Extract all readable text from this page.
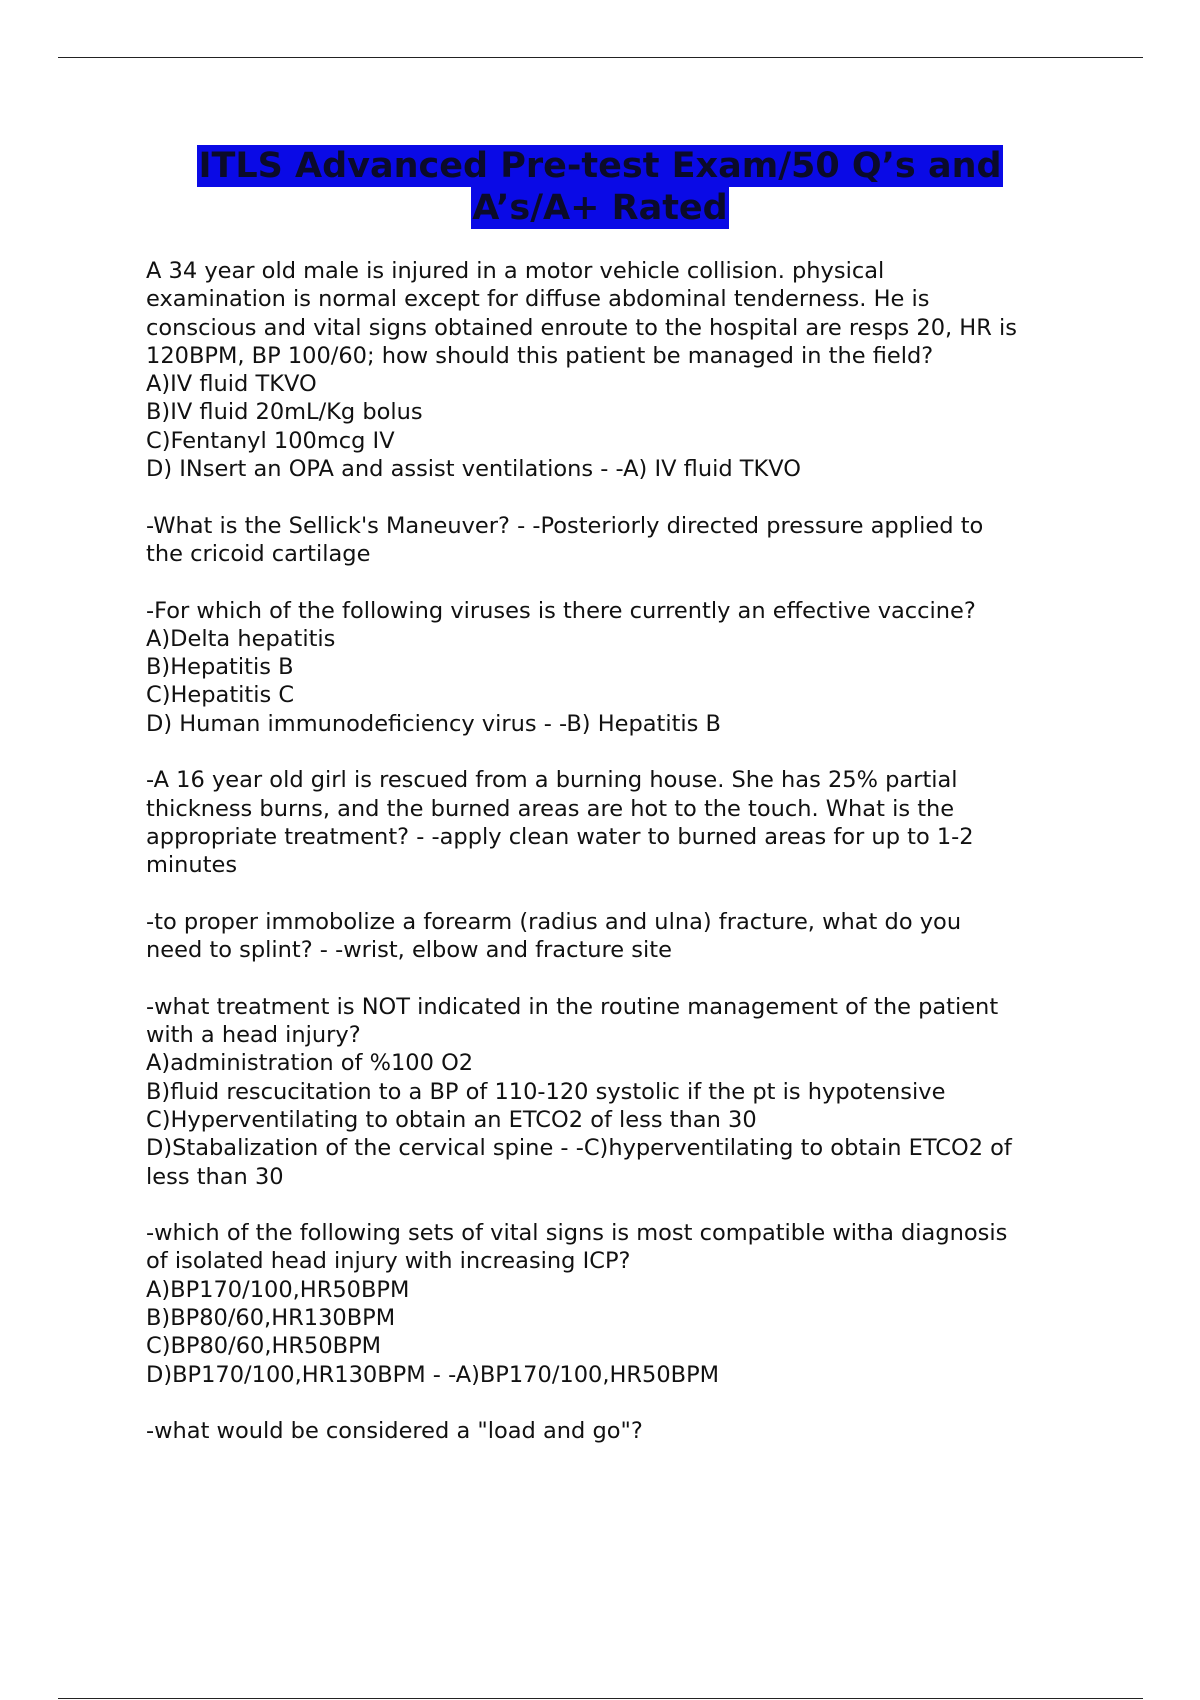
ITLS Advanced Pre-test Exam/50 Q’s and
A’s/A+ Rated
A 34 year old male is injured in a motor vehicle collision. physical
examination is normal except for diffuse abdominal tenderness. He is
conscious and vital signs obtained enroute to the hospital are resps 20, HR is
120BPM, BP 100/60; how should this patient be managed in the field?
A)IV fluid TKVO
B)IV fluid 20mL/Kg bolus
C)Fentanyl 100mcg IV
D) INsert an OPA and assist ventilations - -A) IV fluid TKVO
-What is the Sellick's Maneuver? - -Posteriorly directed pressure applied to
the cricoid cartilage
-For which of the following viruses is there currently an effective vaccine?
A)Delta hepatitis
B)Hepatitis B
C)Hepatitis C
D) Human immunodeficiency virus - -B) Hepatitis B
-A 16 year old girl is rescued from a burning house. She has 25% partial
thickness burns, and the burned areas are hot to the touch. What is the
appropriate treatment? - -apply clean water to burned areas for up to 1-2
minutes
-to proper immobolize a forearm (radius and ulna) fracture, what do you
need to splint? - -wrist, elbow and fracture site
-what treatment is NOT indicated in the routine management of the patient
with a head injury?
A)administration of %100 O2
B)fluid rescucitation to a BP of 110-120 systolic if the pt is hypotensive
C)Hyperventilating to obtain an ETCO2 of less than 30
D)Stabalization of the cervical spine - -C)hyperventilating to obtain ETCO2 of
less than 30
-which of the following sets of vital signs is most compatible witha diagnosis
of isolated head injury with increasing ICP?
A)BP170/100,HR50BPM
B)BP80/60,HR130BPM
C)BP80/60,HR50BPM
D)BP170/100,HR130BPM - -A)BP170/100,HR50BPM
-what would be considered a "load and go"?
